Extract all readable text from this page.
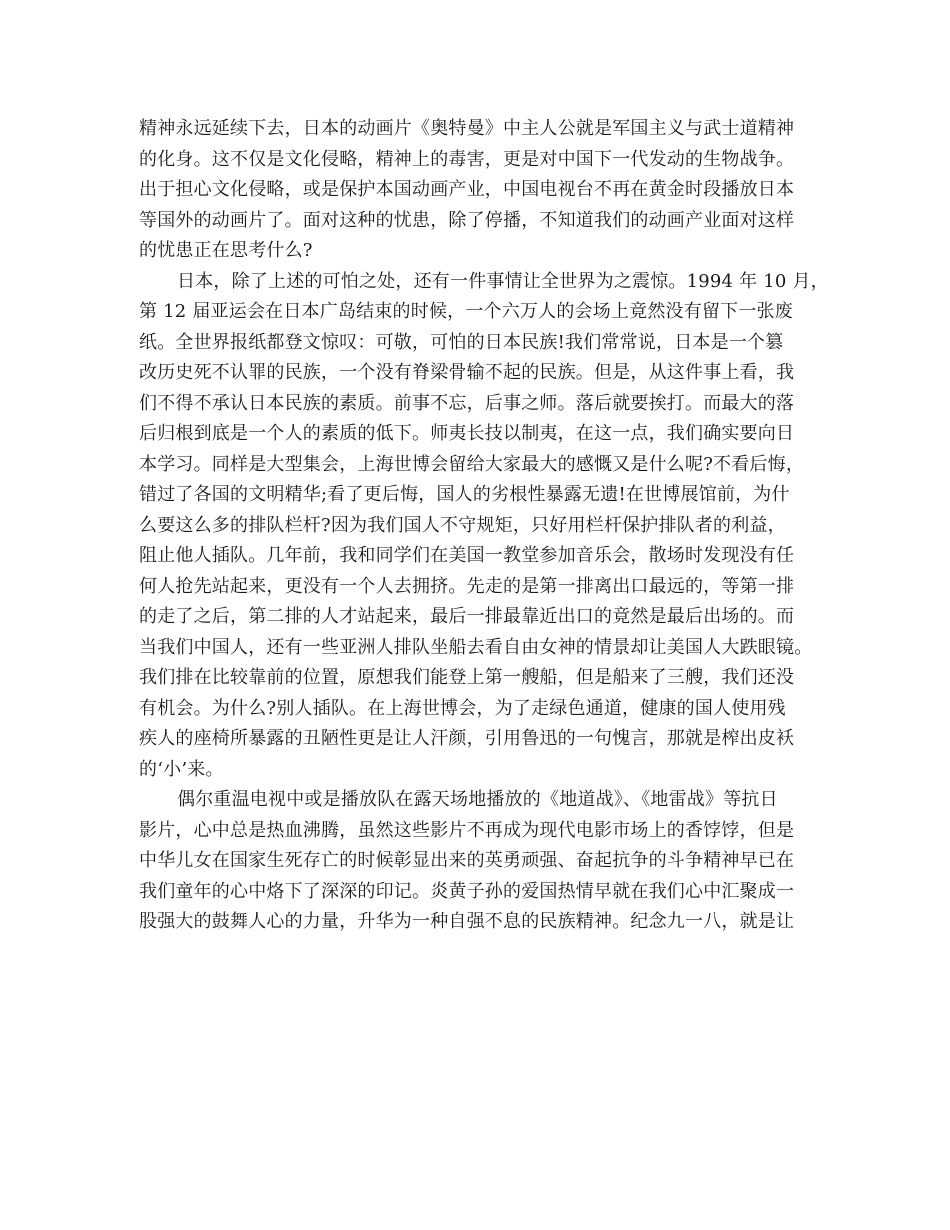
精神永远延续下去，日本的动画片《奥特曼》中主人公就是军国主义与武士道精神
的化身。这不仅是文化侵略，精神上的毒害，更是对中国下一代发动的生物战争。
出于担心文化侵略，或是保护本国动画产业，中国电视台不再在黄金时段播放日本
等国外的动画片了。面对这种的忧患，除了停播，不知道我们的动画产业面对这样
的忧患正在思考什么?
日本，除了上述的可怕之处，还有一件事情让全世界为之震惊。1994 年 10 月，
第 12 届亚运会在日本广岛结束的时候，一个六万人的会场上竟然没有留下一张废
纸。全世界报纸都登文惊叹：可敬，可怕的日本民族!我们常常说，日本是一个篡
改历史死不认罪的民族，一个没有脊梁骨输不起的民族。但是，从这件事上看，我
们不得不承认日本民族的素质。前事不忘，后事之师。落后就要挨打。而最大的落
后归根到底是一个人的素质的低下。师夷长技以制夷，在这一点，我们确实要向日
本学习。同样是大型集会，上海世博会留给大家最大的感慨又是什么呢?不看后悔，
错过了各国的文明精华;看了更后悔，国人的劣根性暴露无遗!在世博展馆前，为什
么要这么多的排队栏杆?因为我们国人不守规矩，只好用栏杆保护排队者的利益，
阻止他人插队。几年前，我和同学们在美国一教堂参加音乐会，散场时发现没有任
何人抢先站起来，更没有一个人去拥挤。先走的是第一排离出口最远的，等第一排
的走了之后，第二排的人才站起来，最后一排最靠近出口的竟然是最后出场的。而
当我们中国人，还有一些亚洲人排队坐船去看自由女神的情景却让美国人大跌眼镜。
我们排在比较靠前的位置，原想我们能登上第一艘船，但是船来了三艘，我们还没
有机会。为什么?别人插队。在上海世博会，为了走绿色通道，健康的国人使用残
疾人的座椅所暴露的丑陋性更是让人汗颜，引用鲁迅的一句愧言，那就是榨出皮袄
的‘小’来。
偶尔重温电视中或是播放队在露天场地播放的《地道战》、《地雷战》等抗日
影片，心中总是热血沸腾，虽然这些影片不再成为现代电影市场上的香饽饽，但是
中华儿女在国家生死存亡的时候彰显出来的英勇顽强、奋起抗争的斗争精神早已在
我们童年的心中烙下了深深的印记。炎黄子孙的爱国热情早就在我们心中汇聚成一
股强大的鼓舞人心的力量，升华为一种自强不息的民族精神。纪念九一八，就是让
